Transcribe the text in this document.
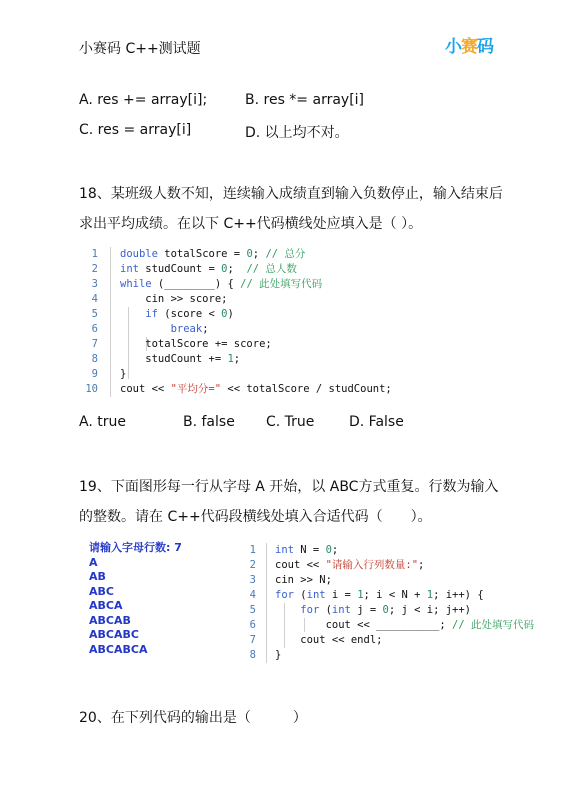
小赛码 C++测试题	小赛码
A. res += array[i];	B. res *= array[i]
C. res = array[i]	D. 以上均不对。
18、某班级人数不知，连续输入成绩直到输入负数停止，输入结束后求出平均成绩。在以下 C++代码横线处应填入是（ ）。
1 double totalScore = 0; // 总分
2 int studCount = 0;  // 总人数
3 while (________) { // 此处填写代码
4 cin >> score;
5	if (score < 0)
6	break;
7 totalScore += score;
8 studCount += 1;
9 }
10 cout << "平均分=" << totalScore / studCount;
A. true	B. false C. True D. False
19、下面图形每一行从字母 A 开始，以 ABC方式重复。行数为输入的整数。请在 C++代码段横线处填入合适代码（　　）。
请输入字母行数: 7
A
AB
ABC
ABCA
ABCAB
ABCABC
ABCABCA
1 int N = 0;
2 cout << "请输入行列数量:";
3 cin >> N;
4 for (int i = 1; i < N + 1; i++) {
5	for (int j = 0; j < i; j++)
6 cout << __________; // 此处填写代码
7 cout << endl;
8 }
20、在下列代码的输出是（　　　）
